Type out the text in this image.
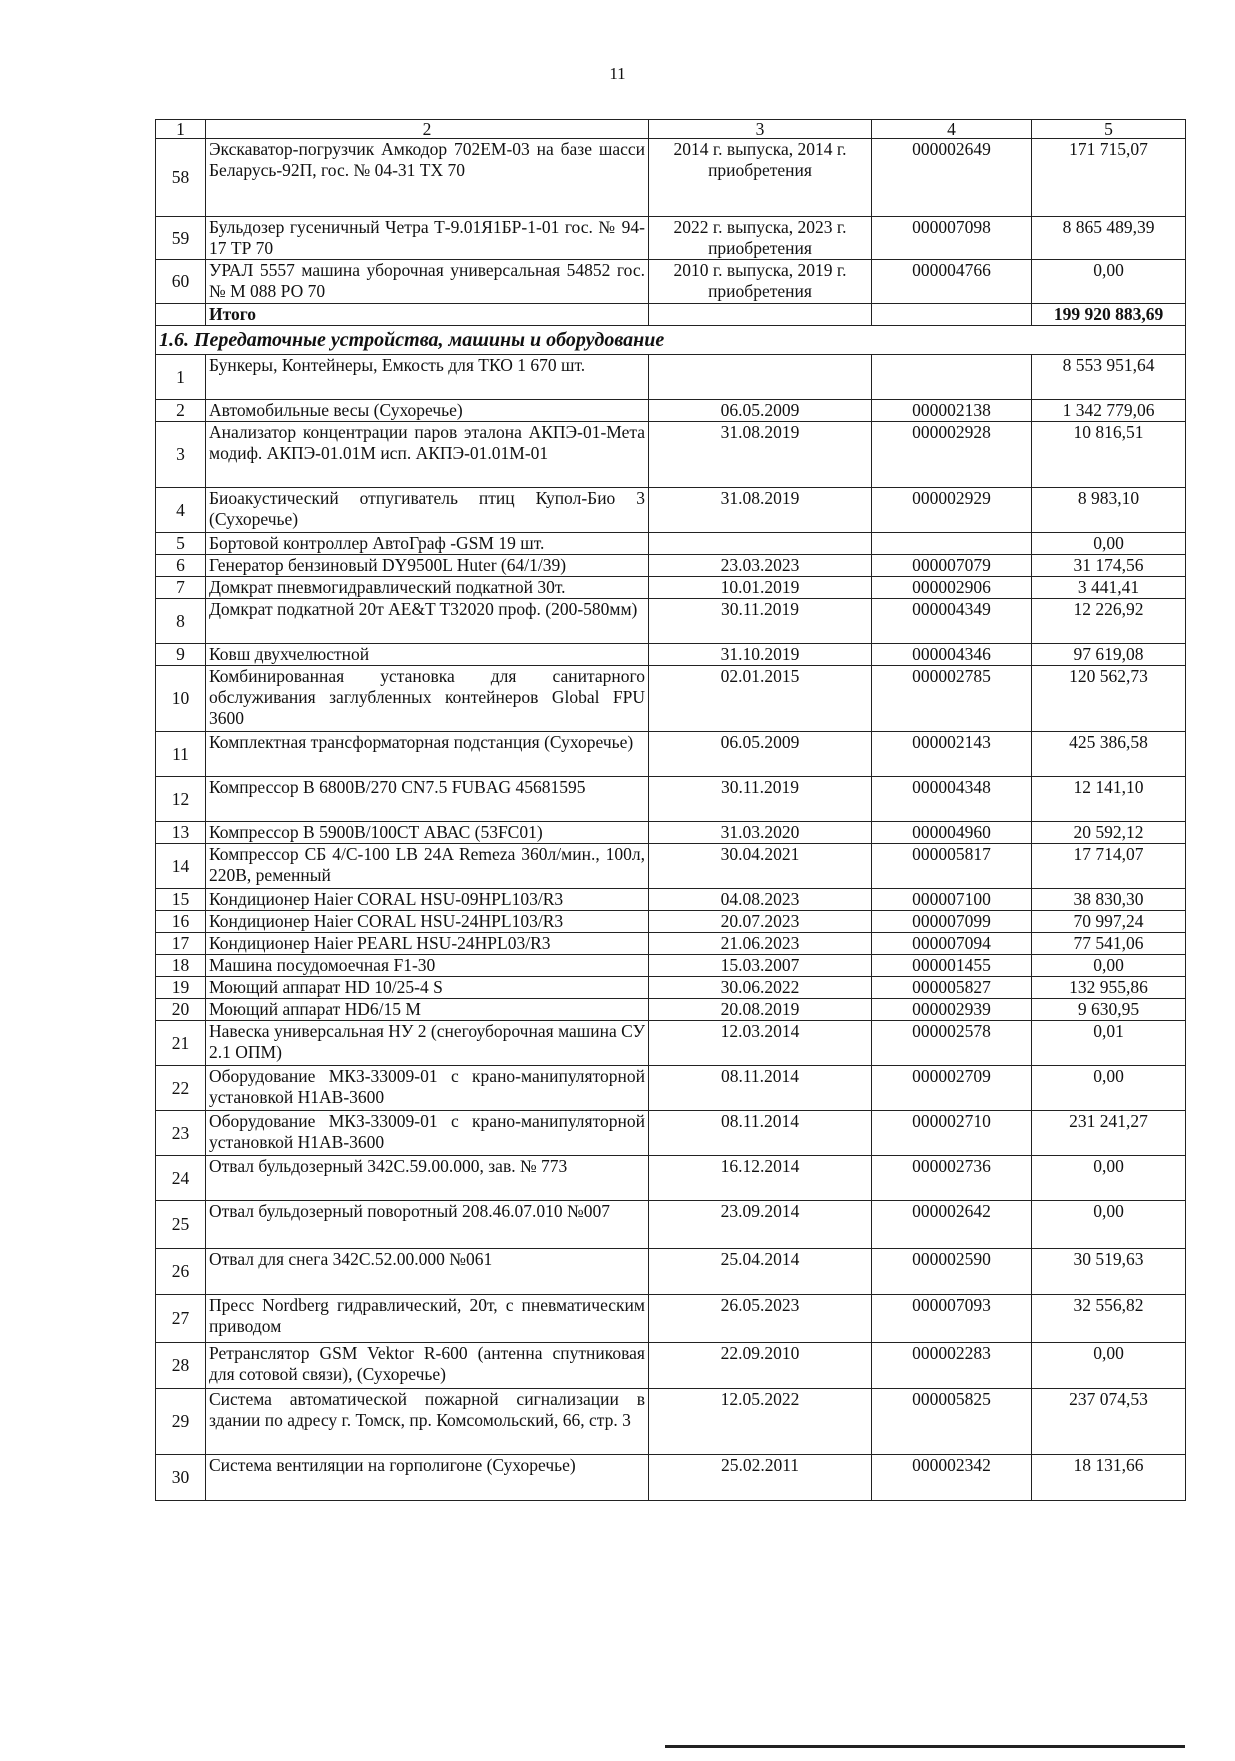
11
1	2	3	4	5
58	Экскаватор-погрузчик Амкодор 702ЕМ-03 на базе шасси Беларусь-92П, гос. № 04-31 ТХ 70	2014 г. выпуска, 2014 г. приобретения	000002649	171 715,07
59	Бульдозер гусеничный Четра Т-9.01Я1БР-1-01 гос. № 94-17 ТР 70	2022 г. выпуска, 2023 г. приобретения	000007098	8 865 489,39
60	УРАЛ 5557 машина уборочная универсальная 54852 гос. № М 088 РО 70	2010 г. выпуска, 2019 г. приобретения	000004766	0,00
	Итого			199 920 883,69
1.6. Передаточные устройства, машины и оборудование				
1	Бункеры, Контейнеры, Емкость для ТКО 1 670 шт.			8 553 951,64
2	Автомобильные весы (Сухоречье)	06.05.2009	000002138	1 342 779,06
3	Анализатор концентрации паров эталона АКПЭ-01-Мета модиф. АКПЭ-01.01М исп. АКПЭ-01.01М-01	31.08.2019	000002928	10 816,51
4	Биоакустический отпугиватель птиц Купол-Био 3 (Сухоречье)	31.08.2019	000002929	8 983,10
5	Бортовой контроллер АвтоГраф -GSM 19 шт.			0,00
6	Генератор бензиновый DY9500L Huter (64/1/39)	23.03.2023	000007079	31 174,56
7	Домкрат пневмогидравлический подкатной 30т.	10.01.2019	000002906	3 441,41
8	Домкрат подкатной 20т AE&T T32020 проф. (200-580мм)	30.11.2019	000004349	12 226,92
9	Ковш двухчелюстной	31.10.2019	000004346	97 619,08
10	Комбинированная установка для санитарного обслуживания заглубленных контейнеров Global FPU 3600	02.01.2015	000002785	120 562,73
11	Комплектная трансформаторная подстанция (Сухоречье)	06.05.2009	000002143	425 386,58
12	Компрессор В 6800В/270 CN7.5 FUBAG 45681595	30.11.2019	000004348	12 141,10
13	Компрессор В 5900В/100СТ АВАС (53FC01)	31.03.2020	000004960	20 592,12
14	Компрессор СБ 4/С-100 LB 24A Remeza 360л/мин., 100л, 220В, ременный	30.04.2021	000005817	17 714,07
15	Кондиционер Haier CORAL HSU-09HPL103/R3	04.08.2023	000007100	38 830,30
16	Кондиционер Haier CORAL HSU-24HPL103/R3	20.07.2023	000007099	70 997,24
17	Кондиционер Haier PEARL HSU-24HPL03/R3	21.06.2023	000007094	77 541,06
18	Машина посудомоечная F1-30	15.03.2007	000001455	0,00
19	Моющий аппарат HD 10/25-4 S	30.06.2022	000005827	132 955,86
20	Моющий аппарат HD6/15 M	20.08.2019	000002939	9 630,95
21	Навеска универсальная НУ 2 (снегоуборочная машина СУ 2.1 ОПМ)	12.03.2014	000002578	0,01
22	Оборудование МКЗ-33009-01 с крано-манипуляторной установкой H1AB-3600	08.11.2014	000002709	0,00
23	Оборудование МКЗ-33009-01 с крано-манипуляторной установкой H1AB-3600	08.11.2014	000002710	231 241,27
24	Отвал бульдозерный 342С.59.00.000, зав. № 773	16.12.2014	000002736	0,00
25	Отвал бульдозерный поворотный 208.46.07.010 №007	23.09.2014	000002642	0,00
26	Отвал для снега 342С.52.00.000 №061	25.04.2014	000002590	30 519,63
27	Пресс Nordberg гидравлический, 20т, с пневматическим приводом	26.05.2023	000007093	32 556,82
28	Ретранслятор GSM Vektor R-600 (антенна спутниковая для сотовой связи), (Сухоречье)	22.09.2010	000002283	0,00
29	Система автоматической пожарной сигнализации в здании по адресу г. Томск, пр. Комсомольский, 66, стр. 3	12.05.2022	000005825	237 074,53
30	Система вентиляции на горполигоне (Сухоречье)	25.02.2011	000002342	18 131,66
